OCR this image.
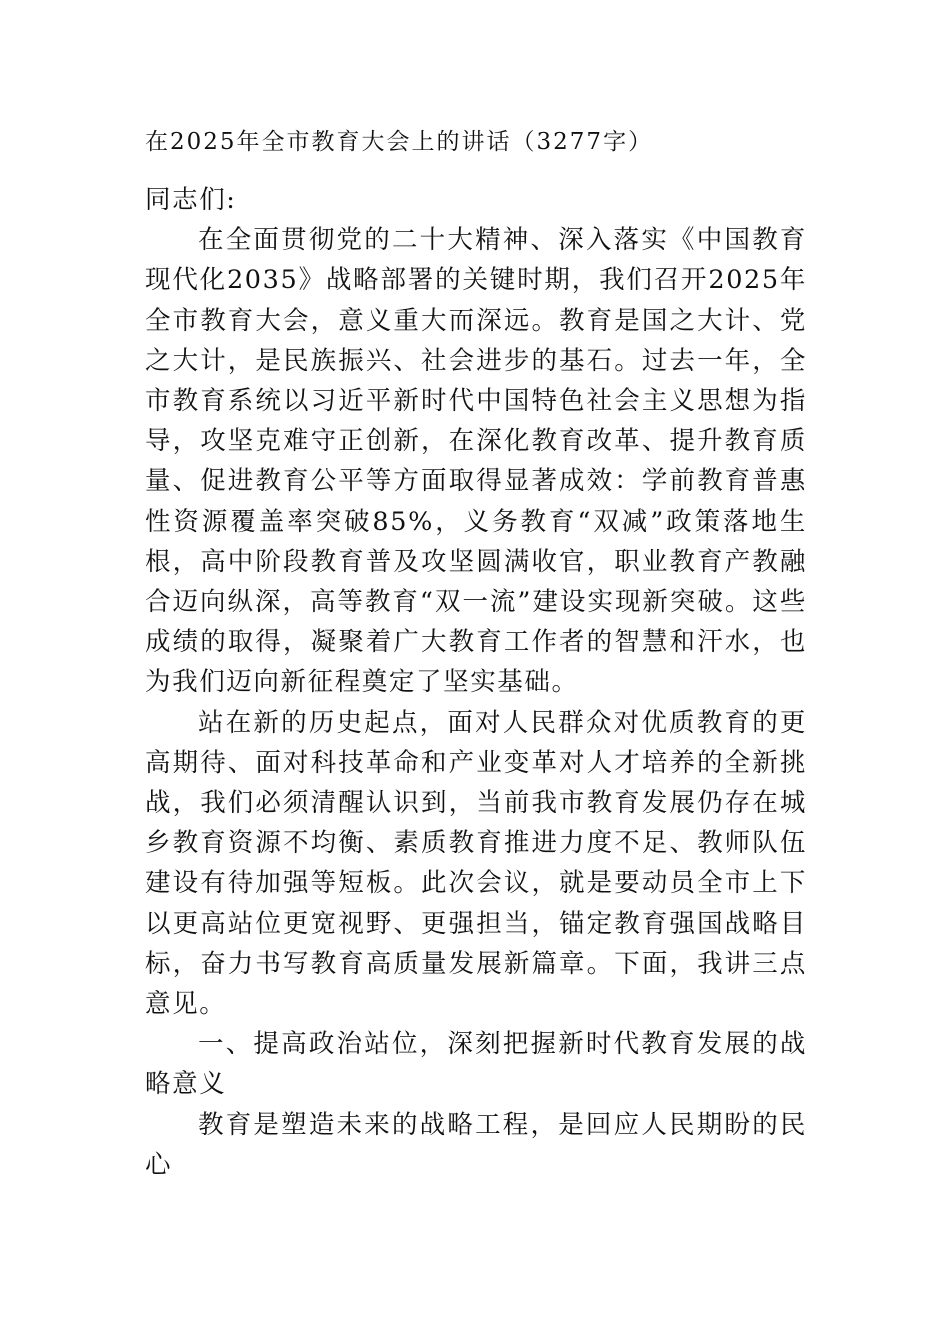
在2025年全市教育大会上的讲话（3277字）

同志们:

在全面贯彻党的二十大精神、深入落实《中国教育现代化2035》战略部署的关键时期，我们召开2025年全市教育大会，意义重大而深远。教育是国之大计、党之大计，是民族振兴、社会进步的基石。过去一年，全市教育系统以习近平新时代中国特色社会主义思想为指导，攻坚克难守正创新，在深化教育改革、提升教育质量、促进教育公平等方面取得显著成效：学前教育普惠性资源覆盖率突破85%，义务教育“双减”政策落地生根，高中阶段教育普及攻坚圆满收官，职业教育产教融合迈向纵深，高等教育“双一流”建设实现新突破。这些成绩的取得，凝聚着广大教育工作者的智慧和汗水，也为我们迈向新征程奠定了坚实基础。

站在新的历史起点，面对人民群众对优质教育的更高期待、面对科技革命和产业变革对人才培养的全新挑战，我们必须清醒认识到，当前我市教育发展仍存在城乡教育资源不均衡、素质教育推进力度不足、教师队伍建设有待加强等短板。此次会议，就是要动员全市上下以更高站位更宽视野、更强担当，锚定教育强国战略目标，奋力书写教育高质量发展新篇章。下面，我讲三点意见。

一、提高政治站位，深刻把握新时代教育发展的战略意义

教育是塑造未来的战略工程，是回应人民期盼的民心
